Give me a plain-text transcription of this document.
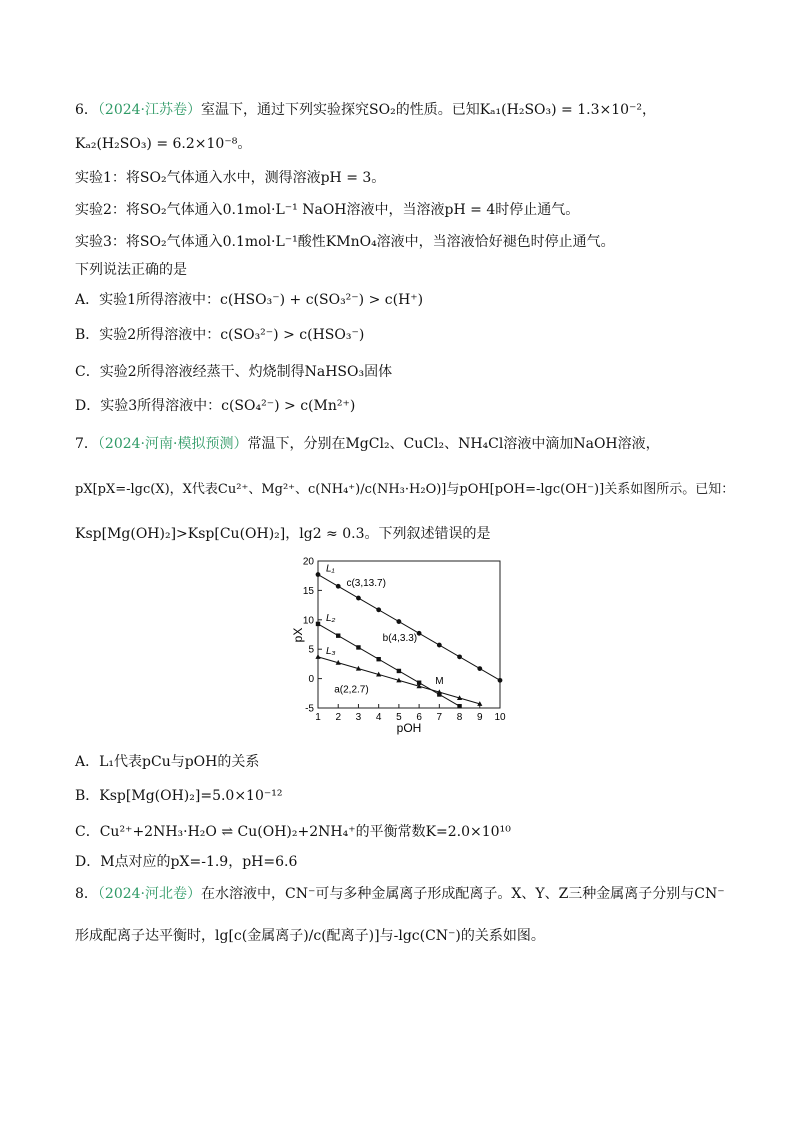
6．（2024·江苏卷）室温下，通过下列实验探究SO₂的性质。已知Kₐ₁(H₂SO₃) = 1.3×10⁻²，
Kₐ₂(H₂SO₃) = 6.2×10⁻⁸。
实验1：将SO₂气体通入水中，测得溶液pH = 3。
实验2：将SO₂气体通入0.1mol·L⁻¹ NaOH溶液中，当溶液pH = 4时停止通气。
实验3：将SO₂气体通入0.1mol·L⁻¹酸性KMnO₄溶液中，当溶液恰好褪色时停止通气。
下列说法正确的是
A．实验1所得溶液中：c(HSO₃⁻) + c(SO₃²⁻) > c(H⁺)
B．实验2所得溶液中：c(SO₃²⁻) > c(HSO₃⁻)
C．实验2所得溶液经蒸干、灼烧制得NaHSO₃固体
D．实验3所得溶液中：c(SO₄²⁻) > c(Mn²⁺)
7．（2024·河南·模拟预测）常温下，分别在MgCl₂、CuCl₂、NH₄Cl溶液中滴加NaOH溶液，
pX[pX=-lgc(X)，X代表Cu²⁺、Mg²⁺、c(NH₄⁺)/c(NH₃·H₂O)]与pOH[pOH=-lgc(OH⁻)]关系如图所示。已知：
Ksp[Mg(OH)₂]>Ksp[Cu(OH)₂]，lg2 ≈ 0.3。下列叙述错误的是
1 2 3 4 5 6 7 8 9 10
-5
0
5
10
15
20
L₁
L₂
L₃
c(3,13.7)
b(4,3.3)
a(2,2.7)
M
pOH
pX
A．L₁代表pCu与pOH的关系
B．Ksp[Mg(OH)₂]=5.0×10⁻¹²
C．Cu²⁺+2NH₃·H₂O ⇌ Cu(OH)₂+2NH₄⁺的平衡常数K=2.0×10¹⁰
D．M点对应的pX=-1.9，pH=6.6
8．（2024·河北卷）在水溶液中，CN⁻可与多种金属离子形成配离子。X、Y、Z三种金属离子分别与CN⁻
形成配离子达平衡时，lg[c(金属离子)/c(配离子)]与-lgc(CN⁻)的关系如图。
